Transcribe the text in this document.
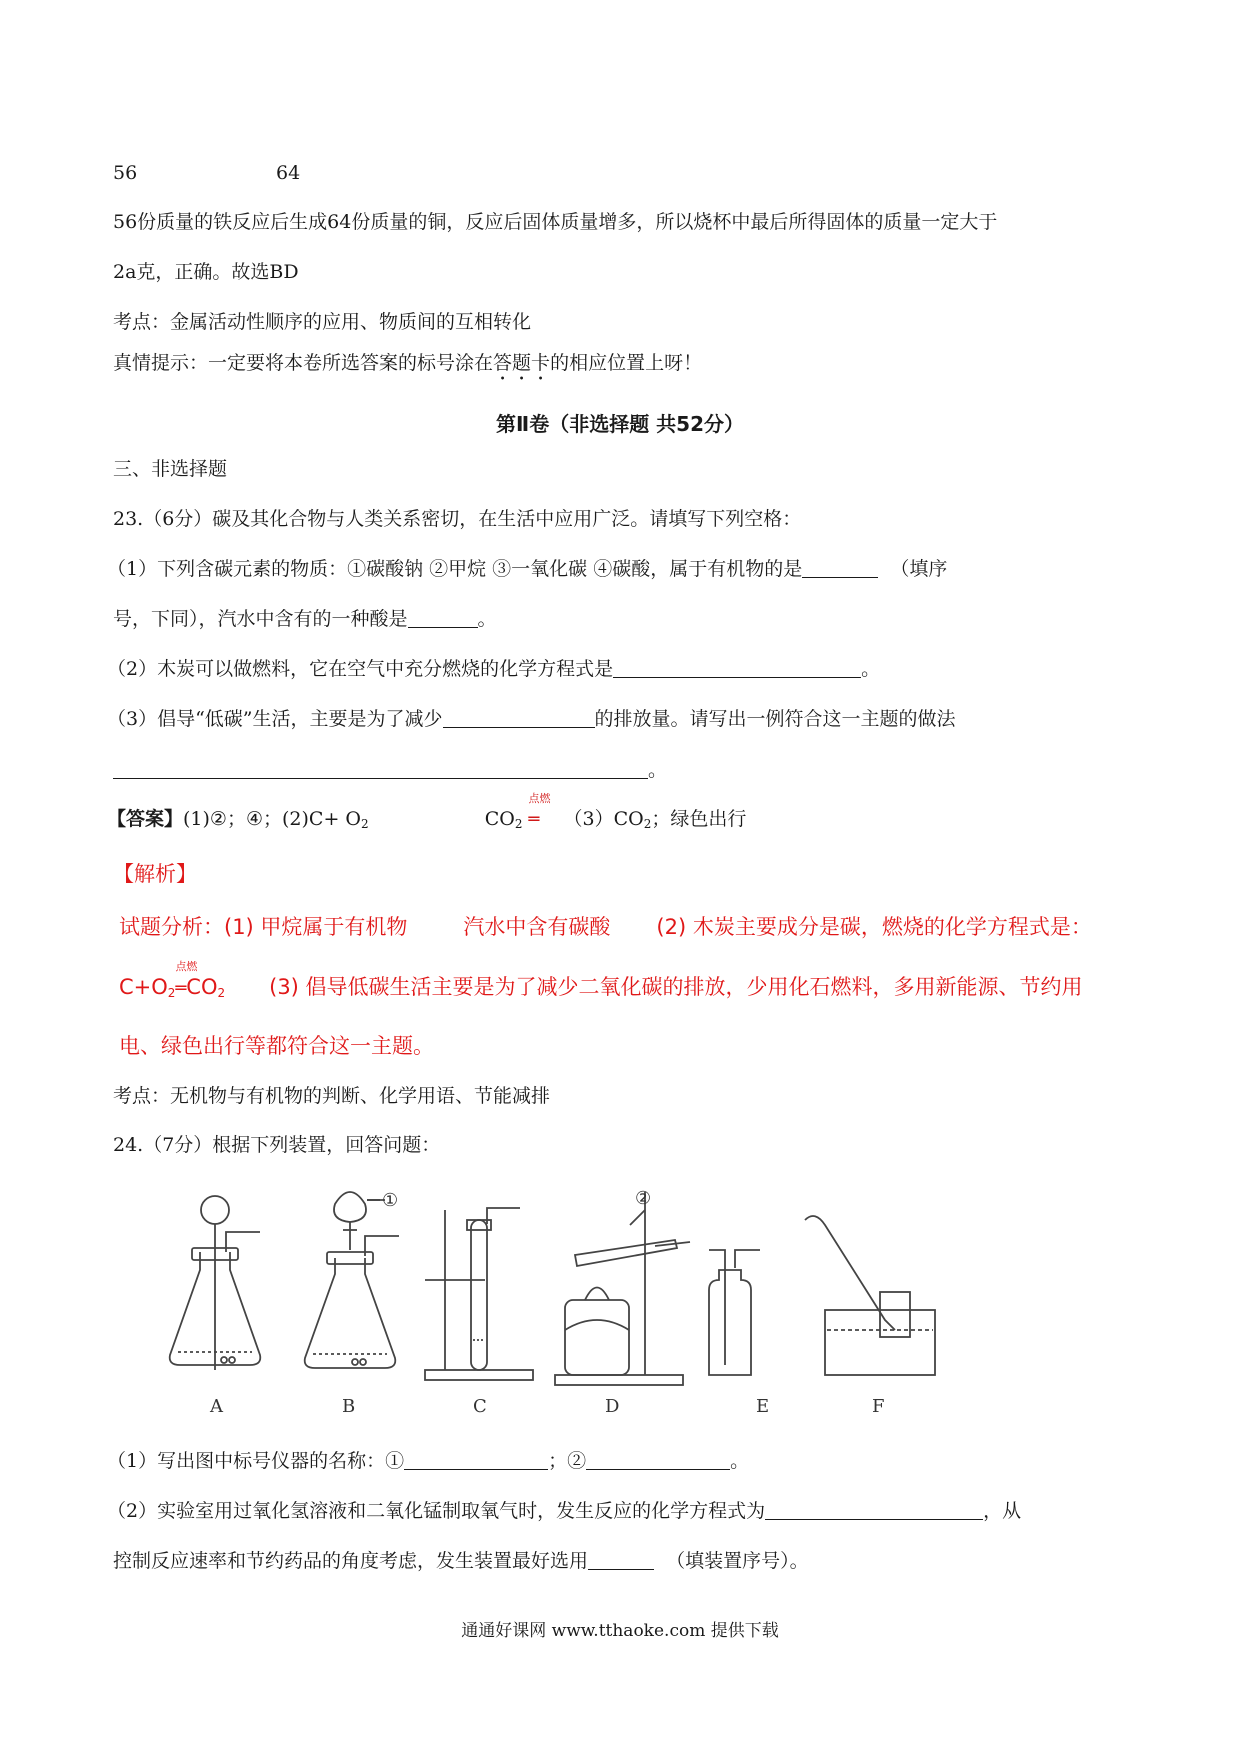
56	64
56份质量的铁反应后生成64份质量的铜，反应后固体质量增多，所以烧杯中最后所得固体的质量一定大于
2a克，正确。故选BD
考点：金属活动性顺序的应用、物质间的互相转化
真情提示：一定要将本卷所选答案的标号涂在答题卡的相应位置上呀！
第Ⅱ卷（非选择题 共52分）
三、非选择题
23.（6分）碳及其化合物与人类关系密切，在生活中应用广泛。请填写下列空格：
（1）下列含碳元素的物质：①碳酸钠 ②甲烷 ③一氧化碳 ④碳酸，属于有机物的是	（填序
号，下同），汽水中含有的一种酸是	。
（2）木炭可以做燃料，它在空气中充分燃烧的化学方程式是	。
（3）倡导“低碳”生活，主要是为了减少	的排放量。请写出一例符合这一主题的做法
。
【答案】(1)②；④；$(2)C+ O_2$	$CO_2$
点燃
═ $(3)CO_2$；绿色出行
【解析】
试题分析：(1) 甲烷属于有机物	汽水中含有碳酸 (2) 木炭主要成分是碳，燃烧的化学方程式是：
$C+O_2$
点燃
$═CO_2$ (3) 倡导低碳生活主要是为了减少二氧化碳的排放，少用化石燃料，多用新能源、节约用
电、绿色出行等都符合这一主题。
考点：无机物与有机物的判断、化学用语、节能减排
24.（7分）根据下列装置，回答问题：
①	②
A	B	C	D	E	F
（1）写出图中标号仪器的名称：①	；②	。
（2）实验室用过氧化氢溶液和二氧化锰制取氧气时，发生反应的化学方程式为	，从
控制反应速率和节约药品的角度考虑，发生装置最好选用	（填装置序号）。
通通好课网 www.tthaoke.com 提供下载
